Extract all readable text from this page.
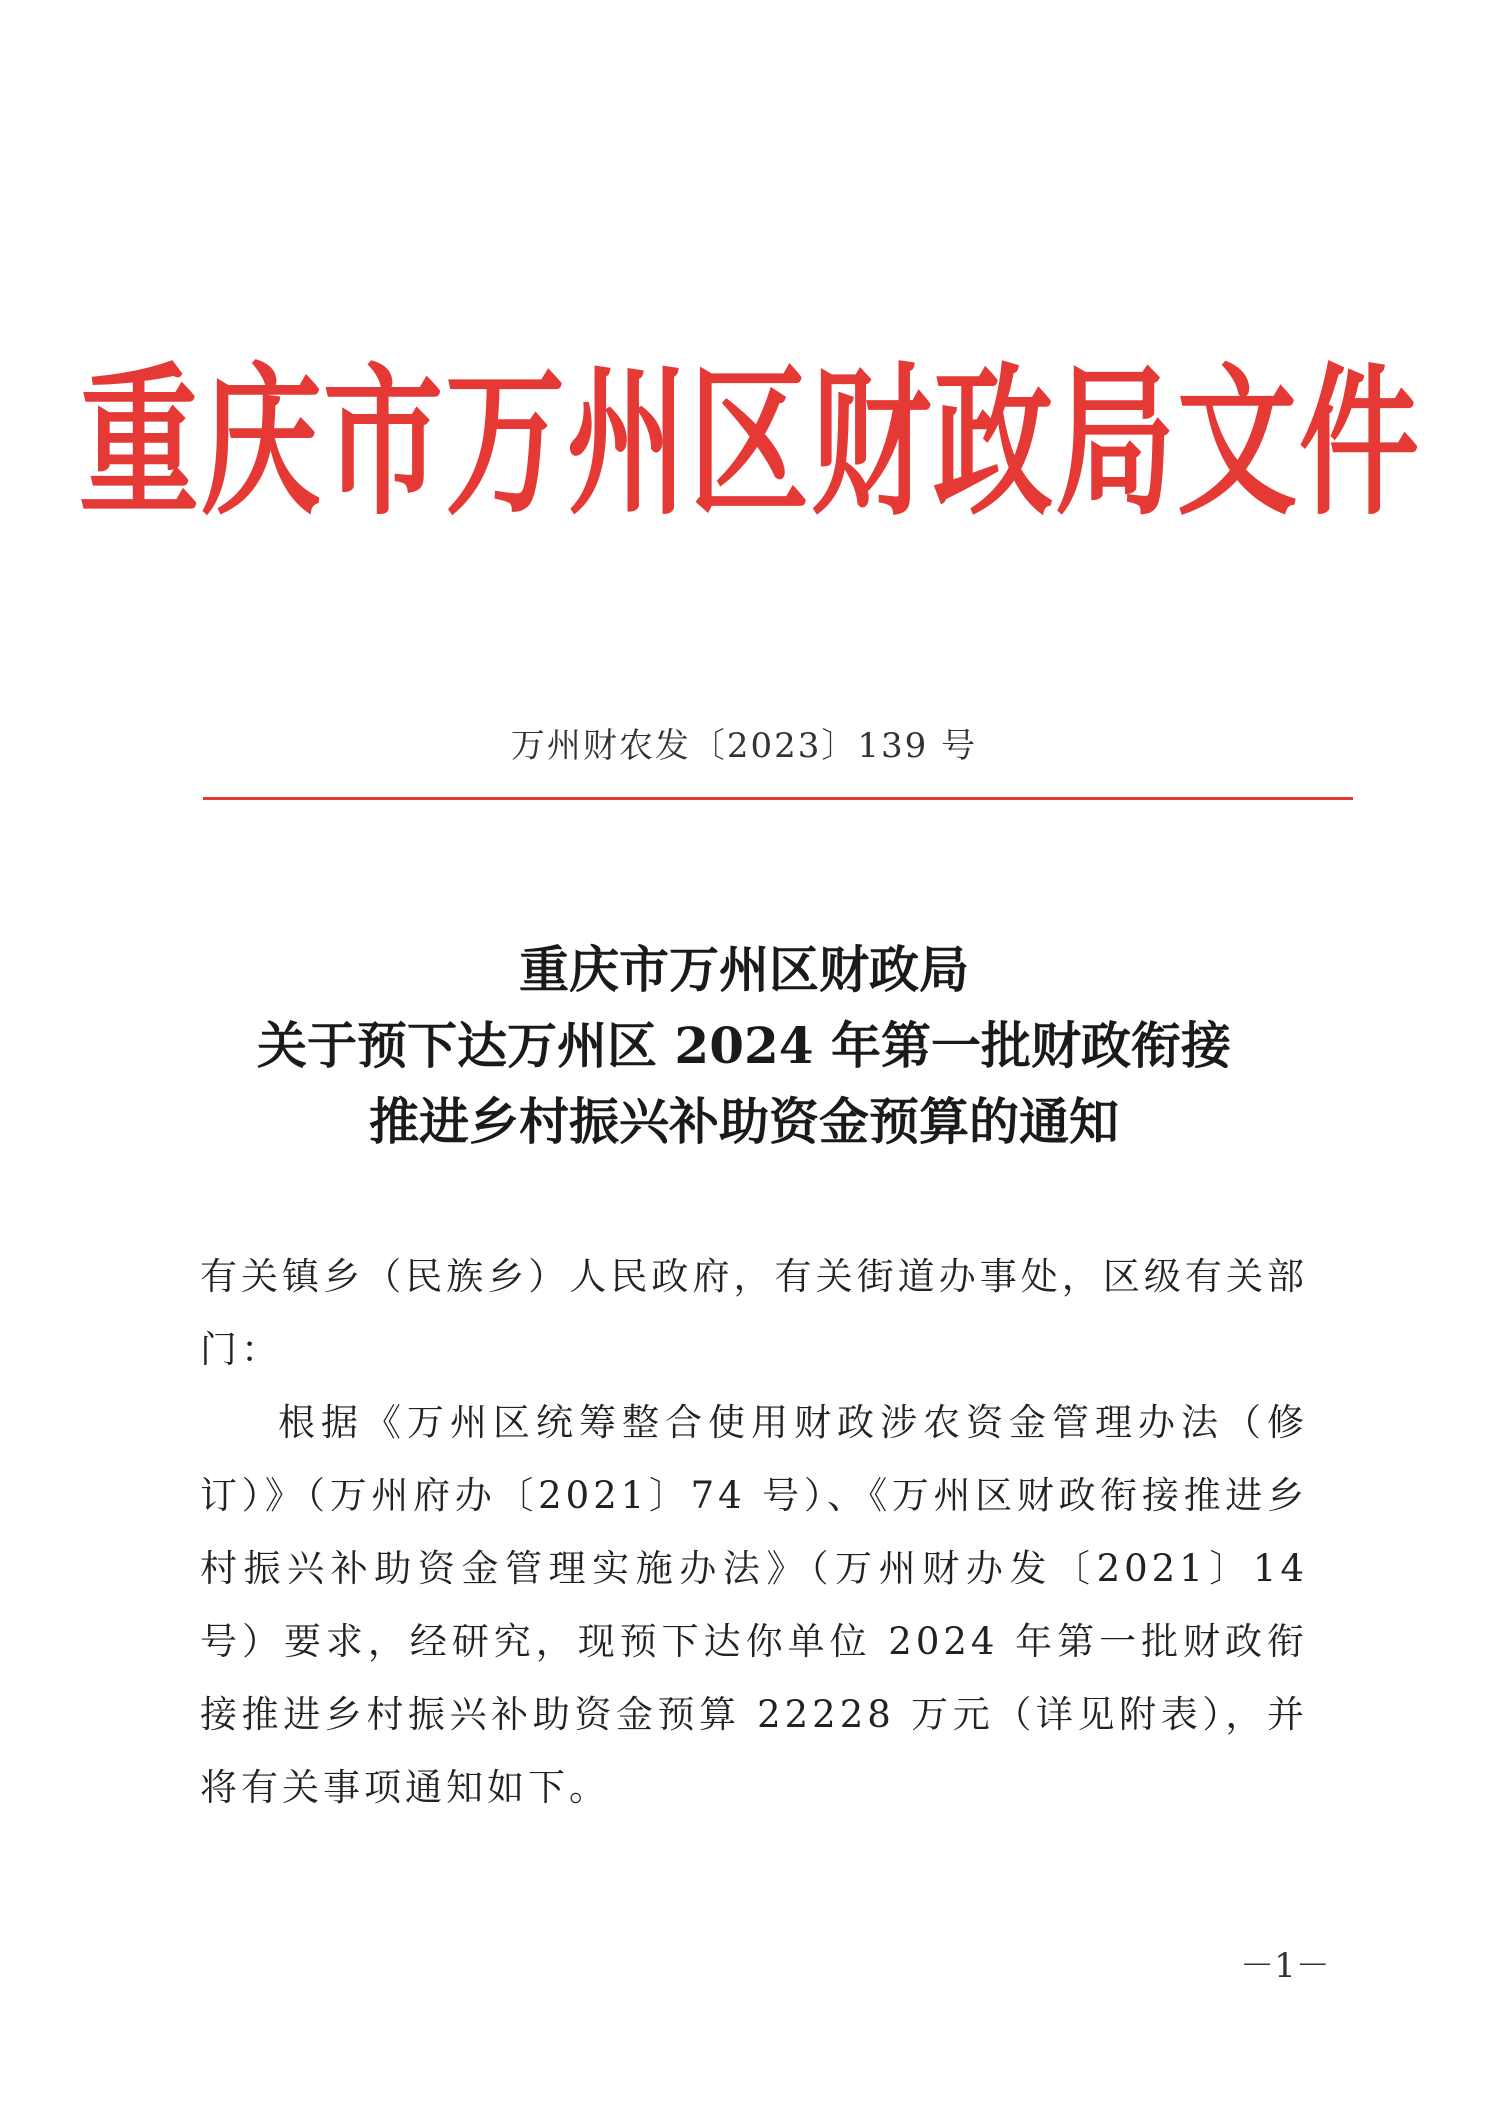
重庆市万州区财政局文件
万州财农发〔2023〕139 号
重庆市万州区财政局
关于预下达万州区 2024 年第一批财政衔接
推进乡村振兴补助资金预算的通知

有关镇乡（民族乡）人民政府，有关街道办事处，区级有关部门：

根据《万州区统筹整合使用财政涉农资金管理办法（修订）》（万州府办〔2021〕74 号）、《万州区财政衔接推进乡村振兴补助资金管理实施办法》（万州财办发〔2021〕14 号）要求，经研究，现预下达你单位 2024 年第一批财政衔接推进乡村振兴补助资金预算 22228 万元（详见附表），并将有关事项通知如下。

－1－
